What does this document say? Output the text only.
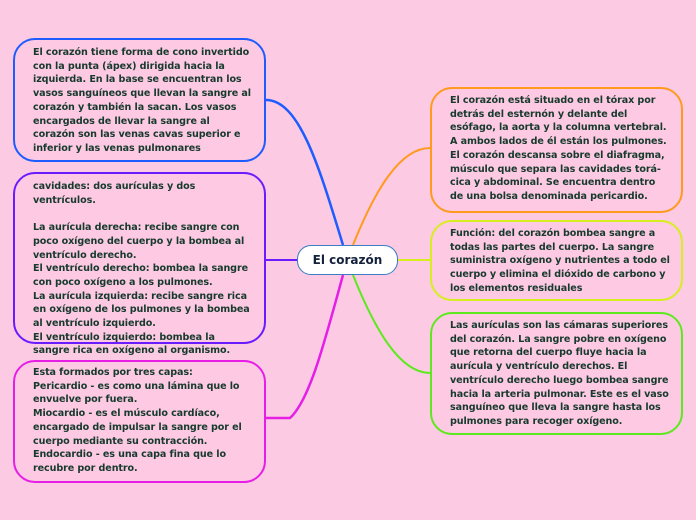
El corazón tiene forma de cono invertido con la punta (ápex) dirigida hacia la izquierda. En la base se encuentran los vasos sanguíneos que llevan la sangre al corazón y también la sacan. Los vasos encargados de llevar la sangre al corazón son las venas cavas superior e inferior y las venas pulmonares

cavidades: dos aurículas y dos ventrículos.

La aurícula derecha: recibe sangre con poco oxígeno del cuerpo y la bombea al ventrículo derecho.
El ventrículo derecho: bombea la sangre con poco oxígeno a los pulmones.
La aurícula izquierda: recibe sangre rica en oxígeno de los pulmones y la bombea al ventrículo izquierdo.
El ventrículo izquierdo: bombea la sangre rica en oxígeno al organismo.

Esta formados por tres capas:
Pericardio - es como una lámina que lo envuelve por fuera.
Miocardio - es el músculo cardíaco, encargado de impulsar la sangre por el cuerpo mediante su contracción.
Endocardio - es una capa fina que lo recubre por dentro.

El corazón está situado en el tórax por detrás del esternón y delante del esófago, la aorta y la columna vertebral. A ambos lados de él están los pulmones. El corazón descansa sobre el diafragma, músculo que separa las cavidades torá- cica y abdominal. Se encuentra dentro de una bolsa denominada pericardio.

Función: del corazón bombea sangre a todas las partes del cuerpo. La sangre suministra oxígeno y nutrientes a todo el cuerpo y elimina el dióxido de carbono y los elementos residuales

Las aurículas son las cámaras superiores del corazón. La sangre pobre en oxígeno que retorna del cuerpo fluye hacia la aurícula y ventrículo derechos. El ventrículo derecho luego bombea sangre hacia la arteria pulmonar. Este es el vaso sanguíneo que lleva la sangre hasta los pulmones para recoger oxígeno.

El corazón
